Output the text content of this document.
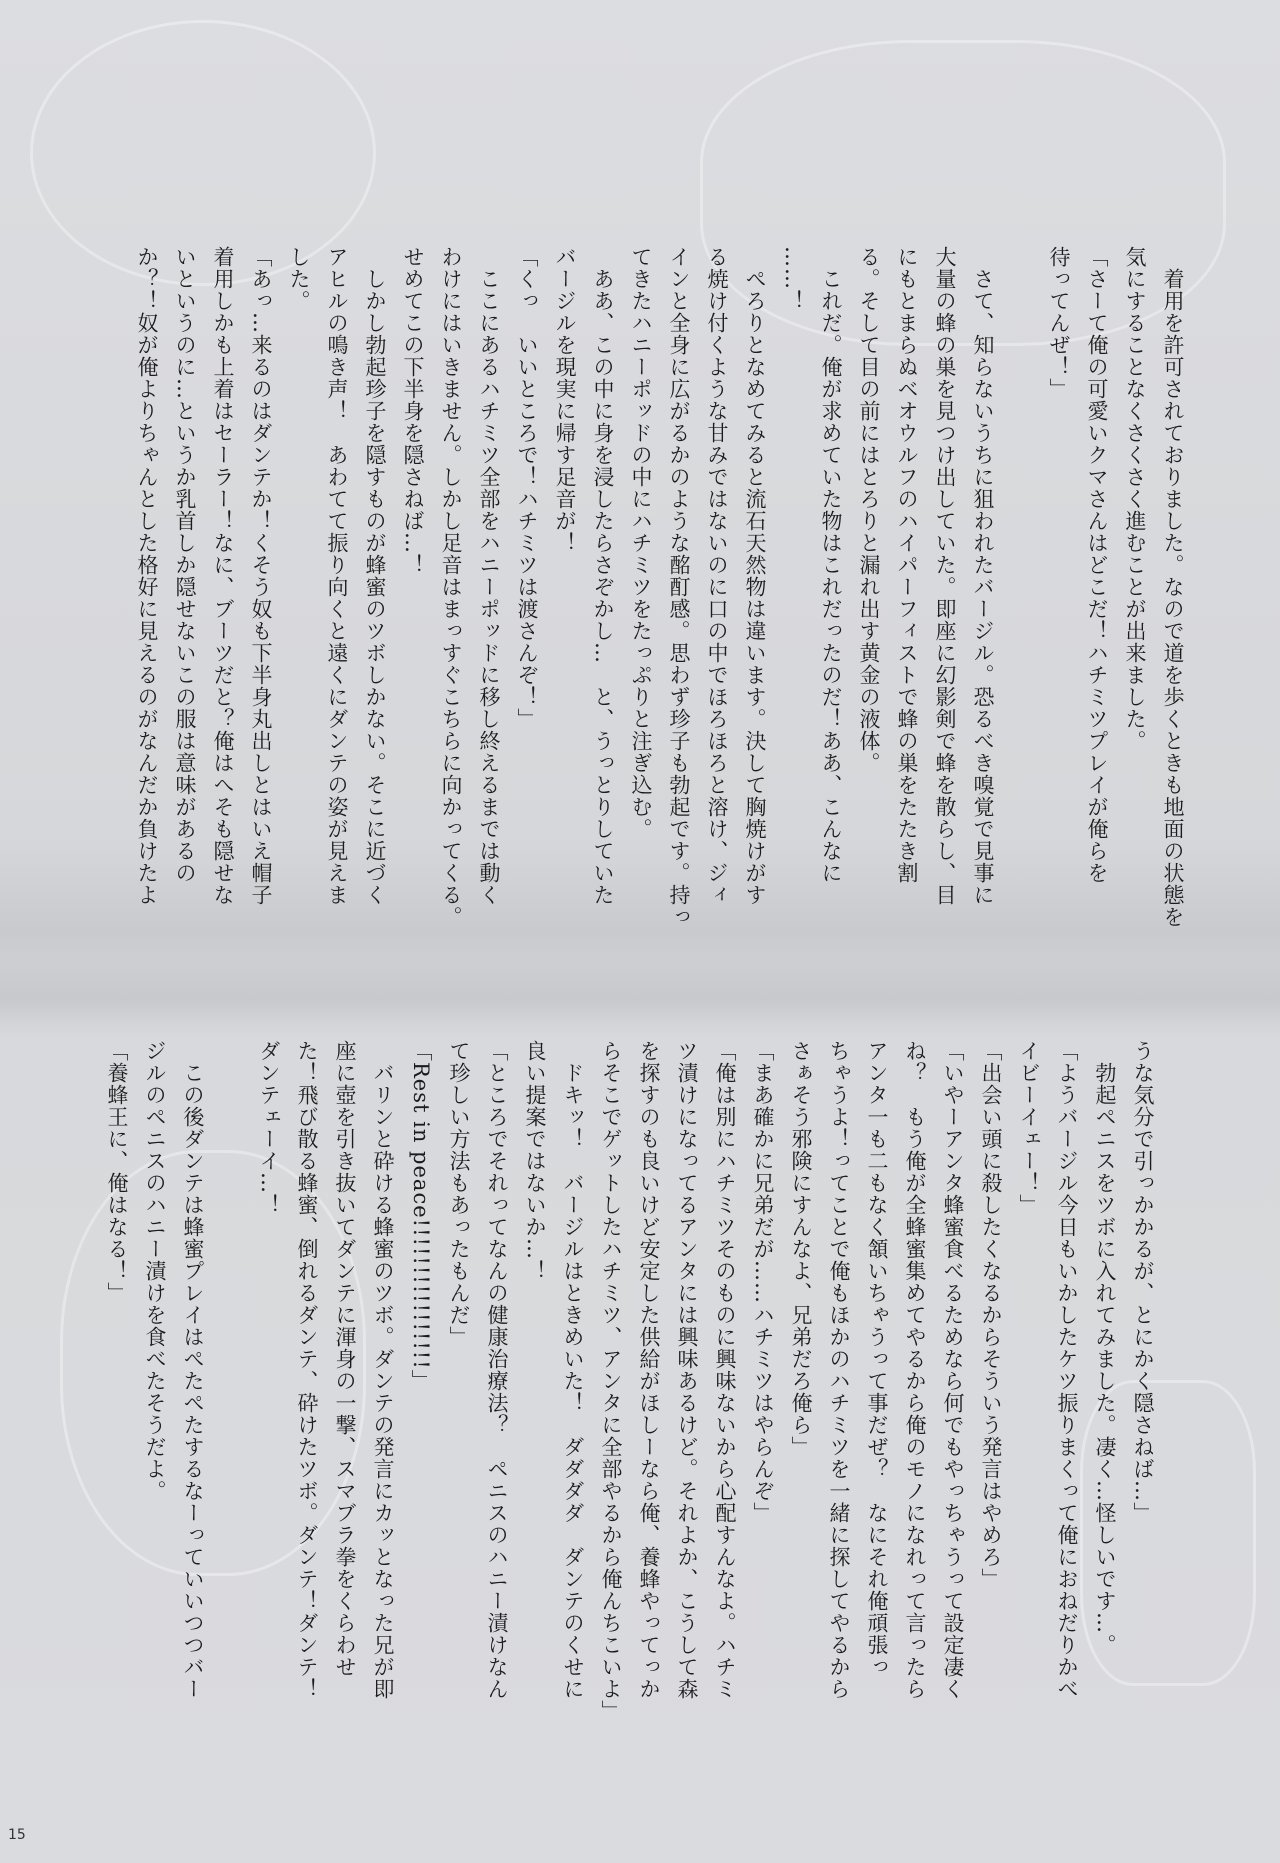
　着用を許可されておりました。なので道を歩くときも地面の状態を
気にすることなくさくさく進むことが出来ました。
「さーて俺の可愛いクマさんはどこだ！ハチミツプレイが俺らを
待ってんぜ！」

　さて、知らないうちに狙われたバージル。恐るべき嗅覚で見事に
大量の蜂の巣を見つけ出していた。即座に幻影剣で蜂を散らし、目
にもとまらぬベオウルフのハイパーフィストで蜂の巣をたたき割
る。そして目の前にはとろりと漏れ出す黄金の液体。
　これだ。俺が求めていた物はこれだったのだ！ああ、こんなに
……！
　ぺろりとなめてみると流石天然物は違います。決して胸焼けがす
る焼け付くような甘みではないのに口の中でほろほろと溶け、ジィ
インと全身に広がるかのような酩酊感。思わず珍子も勃起です。持っ
てきたハニーポッドの中にハチミツをたっぷりと注ぎ込む。
　ああ、この中に身を浸したらさぞかし…　と、うっとりしていた
バージルを現実に帰す足音が！
「くっ　いいところで！ハチミツは渡さんぞ！」
　ここにあるハチミツ全部をハニーポッドに移し終えるまでは動く
わけにはいきません。しかし足音はまっすぐこちらに向かってくる。
せめてこの下半身を隠さねば…！
　しかし勃起珍子を隠すものが蜂蜜のツボしかない。そこに近づく
アヒルの鳴き声！　あわてて振り向くと遠くにダンテの姿が見えま
した。
「あっ…来るのはダンテか！くそう奴も下半身丸出しとはいえ帽子
着用しかも上着はセーラー！なに、ブーツだと？俺はへそも隠せな
いというのに…というか乳首しか隠せないこの服は意味があるの
か？！奴が俺よりちゃんとした格好に見えるのがなんだか負けたよ
うな気分で引っかかるが、とにかく隠さねば…」
　勃起ペニスをツボに入れてみました。凄く…怪しいです…。
「ようバージル今日もいかしたケツ振りまくって俺におねだりかべ
イビーイェー！」
「出会い頭に殺したくなるからそういう発言はやめろ」
「いやーアンタ蜂蜜食べるためなら何でもやっちゃうって設定凄く
ね？　もう俺が全蜂蜜集めてやるから俺のモノになれって言ったら
アンタ一も二もなく頷いちゃうって事だぜ？　なにそれ俺頑張っ
ちゃうよ！ってことで俺もほかのハチミツを一緒に探してやるから
さぁそう邪険にすんなよ、兄弟だろ俺ら」
「まあ確かに兄弟だが……ハチミツはやらんぞ」
「俺は別にハチミツそのものに興味ないから心配すんなよ。ハチミ
ツ漬けになってるアンタには興味あるけど。それよか、こうして森
を探すのも良いけど安定した供給がほしーなら俺、養蜂やってっか
らそこでゲットしたハチミツ、アンタに全部やるから俺んちこいよ」
　ドキッ！　バージルはときめいた！　ダダダダ　ダンテのくせに
良い提案ではないか…！
「ところでそれってなんの健康治療法？　ペニスのハニー漬けなん
て珍しい方法もあったもんだ」
「Rest in peace!!!!!!!!!!!!!!!!」
　バリンと砕ける蜂蜜のツボ。ダンテの発言にカッとなった兄が即
座に壺を引き抜いてダンテに渾身の一撃、スマブラ拳をくらわせ
た！飛び散る蜂蜜、倒れるダンテ、砕けたツボ。ダンテ！ダンテ！
ダンテェーイ…！

　この後ダンテは蜂蜜プレイはぺたぺたするなーっていいつつバー
ジルのペニスのハニー漬けを食べたそうだよ。
「養蜂王に、俺はなる！」
15
